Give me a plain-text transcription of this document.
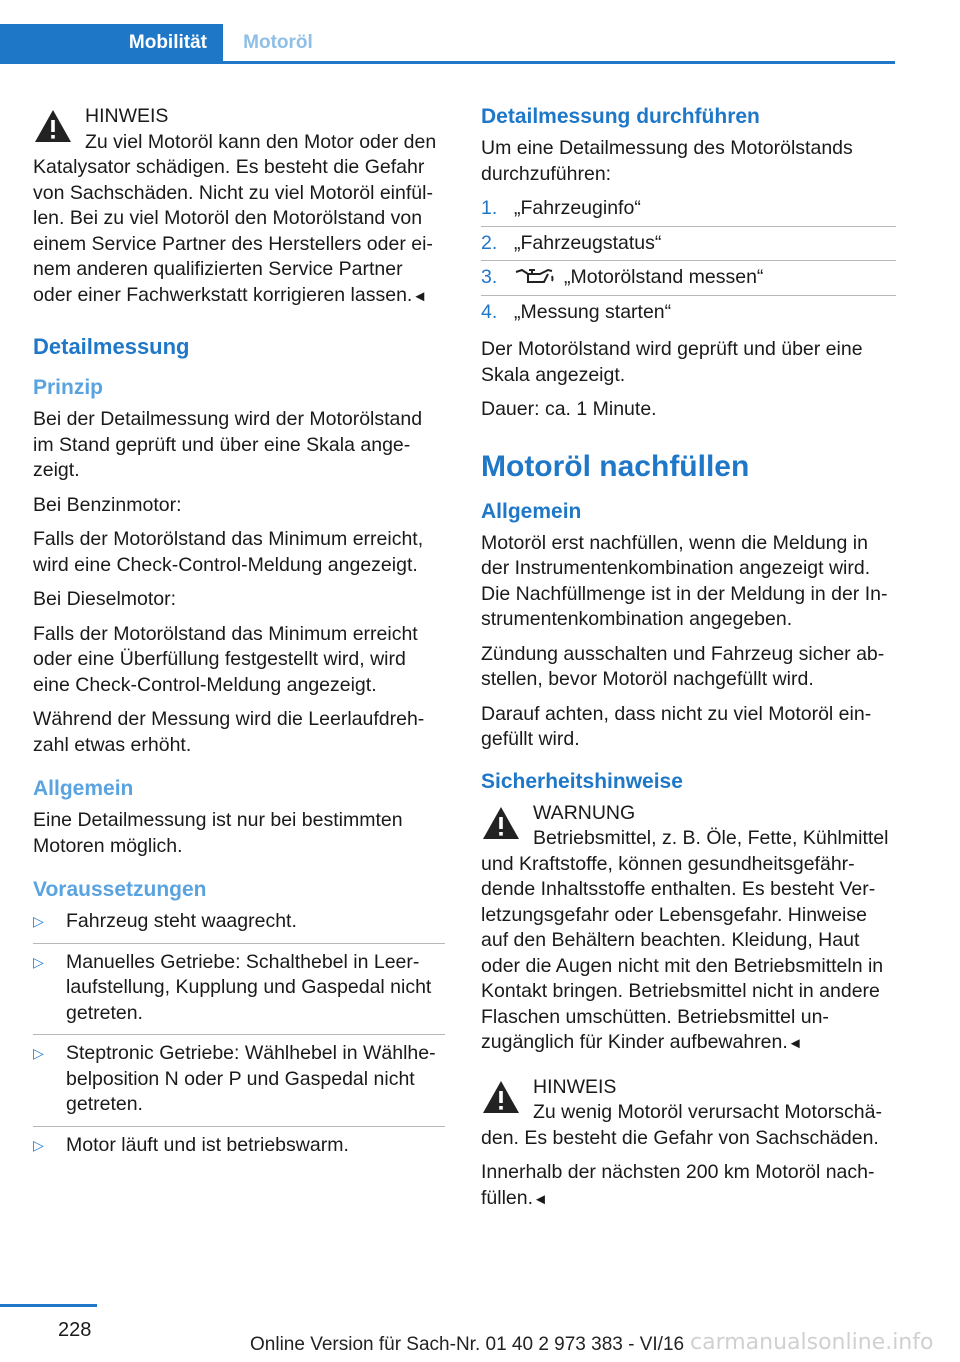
Mobilität	Motoröl
HINWEIS
Zu viel Motoröl kann den Motor oder den Katalysator schädigen. Es besteht die Gefahr von Sachschäden. Nicht zu viel Motoröl einfüllen. Bei zu viel Motoröl den Motorölstand von einem Service Partner des Herstellers oder einem anderen qualifizierten Service Partner oder einer Fachwerkstatt korrigieren lassen.◄
Detailmessung
Prinzip

Bei der Detailmessung wird der Motorölstand im Stand geprüft und über eine Skala angezeigt.

Bei Benzinmotor:

Falls der Motorölstand das Minimum erreicht, wird eine Check-Control-Meldung angezeigt.

Bei Dieselmotor:

Falls der Motorölstand das Minimum erreicht oder eine Überfüllung festgestellt wird, wird eine Check-Control-Meldung angezeigt.

Während der Messung wird die Leerlaufdrehzahl etwas erhöht.

Allgemein

Eine Detailmessung ist nur bei bestimmten Motoren möglich.

Voraussetzungen
▷ Fahrzeug steht waagrecht.
▷ Manuelles Getriebe: Schalthebel in Leerlaufstellung, Kupplung und Gaspedal nicht getreten.
▷ Steptronic Getriebe: Wählhebel in Wählhebelposition N oder P und Gaspedal nicht getreten.
▷ Motor läuft und ist betriebswarm.
Detailmessung durchführen

Um eine Detailmessung des Motorölstands durchzuführen:

1. „Fahrzeuginfo“
2. „Fahrzeugstatus“
3.	„Motorölstand messen“
4. „Messung starten“

Der Motorölstand wird geprüft und über eine Skala angezeigt.

Dauer: ca. 1 Minute.

Motoröl nachfüllen
Allgemein

Motoröl erst nachfüllen, wenn die Meldung in der Instrumentenkombination angezeigt wird. Die Nachfüllmenge ist in der Meldung in der Instrumentenkombination angegeben.

Zündung ausschalten und Fahrzeug sicher abstellen, bevor Motoröl nachgefüllt wird.

Darauf achten, dass nicht zu viel Motoröl eingefüllt wird.

Sicherheitshinweise
WARNUNG
Betriebsmittel, z. B. Öle, Fette, Kühlmittel und Kraftstoffe, können gesundheitsgefährdende Inhaltsstoffe enthalten. Es besteht Verletzungsgefahr oder Lebensgefahr. Hinweise auf den Behältern beachten. Kleidung, Haut oder die Augen nicht mit den Betriebsmitteln in Kontakt bringen. Betriebsmittel nicht in andere Flaschen umschütten. Betriebsmittel unzugänglich für Kinder aufbewahren.◄
HINWEIS
Zu wenig Motoröl verursacht Motorschäden. Es besteht die Gefahr von Sachschäden.

Innerhalb der nächsten 200 km Motoröl nachfüllen.◄

228
Online Version für Sach-Nr. 01 40 2 973 383 - VI/16 carmanualsonline.info
